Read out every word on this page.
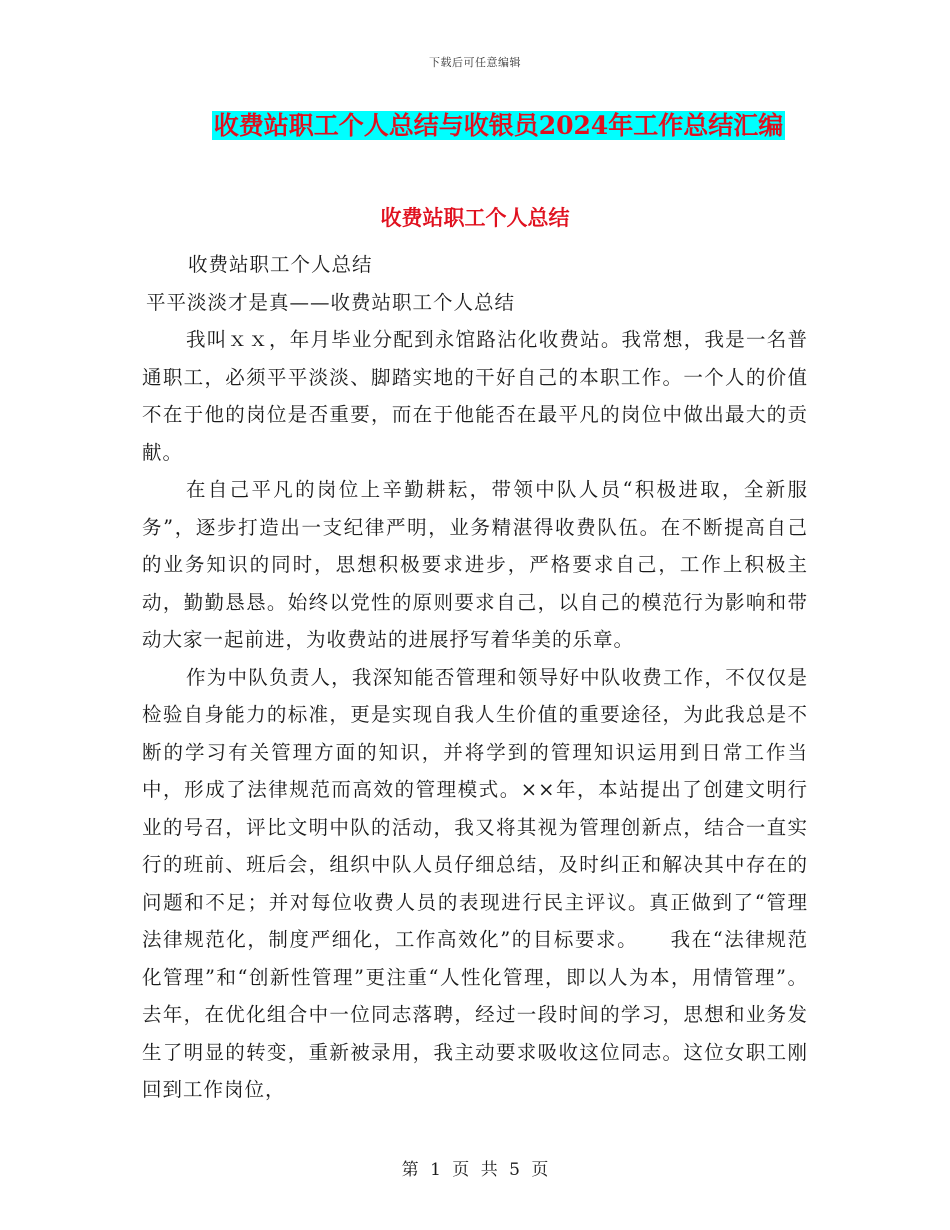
下载后可任意编辑
收费站职工个人总结与收银员2024年工作总结汇编
收费站职工个人总结

收费站职工个人总结

平平淡淡才是真——收费站职工个人总结

我叫ｘｘ，年月毕业分配到永馆路沾化收费站。我常想，我是一名普通职工，必须平平淡淡、脚踏实地的干好自己的本职工作。一个人的价值不在于他的岗位是否重要，而在于他能否在最平凡的岗位中做出最大的贡献。

在自己平凡的岗位上辛勤耕耘，带领中队人员“积极进取，全新服务”，逐步打造出一支纪律严明，业务精湛得收费队伍。在不断提高自己的业务知识的同时，思想积极要求进步，严格要求自己，工作上积极主动，勤勤恳恳。始终以党性的原则要求自己，以自己的模范行为影响和带动大家一起前进，为收费站的进展抒写着华美的乐章。

作为中队负责人，我深知能否管理和领导好中队收费工作，不仅仅是检验自身能力的标准，更是实现自我人生价值的重要途径，为此我总是不断的学习有关管理方面的知识，并将学到的管理知识运用到日常工作当中，形成了法律规范而高效的管理模式。××年，本站提出了创建文明行业的号召，评比文明中队的活动，我又将其视为管理创新点，结合一直实行的班前、班后会，组织中队人员仔细总结，及时纠正和解决其中存在的问题和不足；并对每位收费人员的表现进行民主评议。真正做到了“管理法律规范化，制度严细化，工作高效化”的目标要求。　　我在“法律规范化管理”和“创新性管理”更注重“人性化管理，即以人为本，用情管理”。去年，在优化组合中一位同志落聘，经过一段时间的学习，思想和业务发生了明显的转变，重新被录用，我主动要求吸收这位同志。这位女职工刚回到工作岗位，

第 1 页 共 5 页
